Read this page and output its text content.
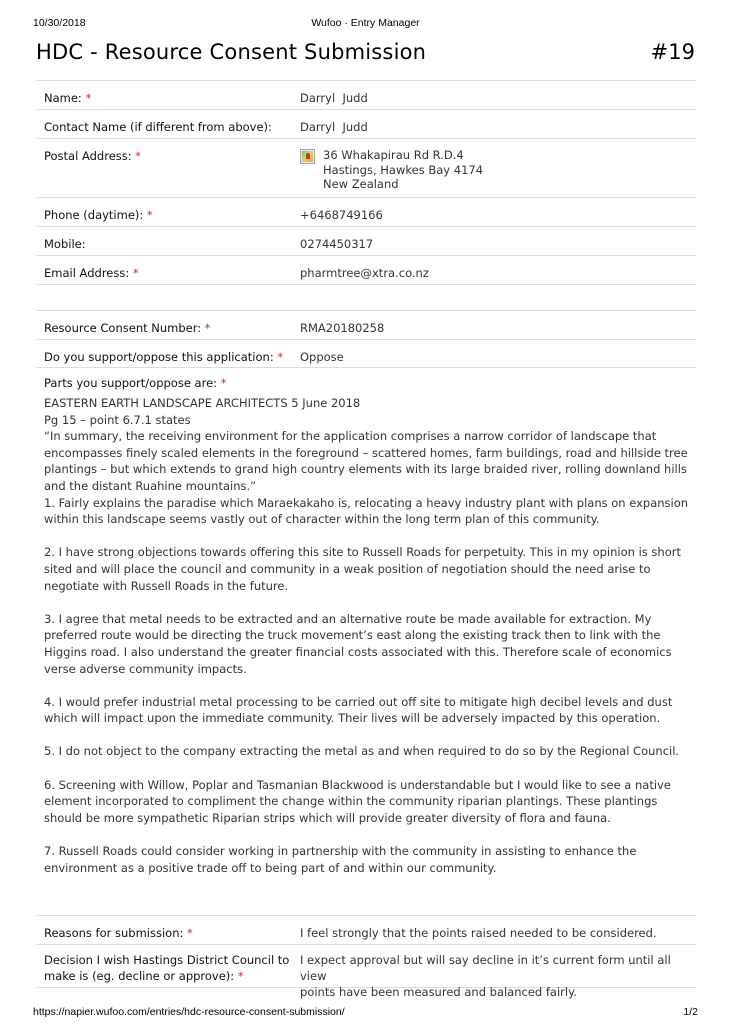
10/30/2018	Wufoo · Entry Manager
HDC - Resource Consent Submission	#19
Name: *	Darryl  Judd
Contact Name (if different from above):	Darryl  Judd
Postal Address: *	36 Whakapirau Rd R.D.4
Hastings, Hawkes Bay 4174
New Zealand
Phone (daytime): *	+6468749166
Mobile:	0274450317
Email Address: *	pharmtree@xtra.co.nz
Resource Consent Number: *	RMA20180258
Do you support/oppose this application: *	Oppose
Parts you support/oppose are: *

EASTERN EARTH LANDSCAPE ARCHITECTS 5 June 2018

Pg 15 – point 6.7.1 states

“In summary, the receiving environment for the application comprises a narrow corridor of landscape that encompasses finely scaled elements in the foreground – scattered homes, farm buildings, road and hillside tree plantings – but which extends to grand high country elements with its large braided river, rolling downland hills and the distant Ruahine mountains.”

1. Fairly explains the paradise which Maraekakaho is, relocating a heavy industry plant with plans on expansion within this landscape seems vastly out of character within the long term plan of this community.

2. I have strong objections towards offering this site to Russell Roads for perpetuity. This in my opinion is short sited and will place the council and community in a weak position of negotiation should the need arise to negotiate with Russell Roads in the future.

3. I agree that metal needs to be extracted and an alternative route be made available for extraction. My preferred route would be directing the truck movement’s east along the existing track then to link with the Higgins road. I also understand the greater financial costs associated with this. Therefore scale of economics verse adverse community impacts.

4. I would prefer industrial metal processing to be carried out off site to mitigate high decibel levels and dust which will impact upon the immediate community. Their lives will be adversely impacted by this operation.

5. I do not object to the company extracting the metal as and when required to do so by the Regional Council.

6. Screening with Willow, Poplar and Tasmanian Blackwood is understandable but I would like to see a native element incorporated to compliment the change within the community riparian plantings. These plantings should be more sympathetic Riparian strips which will provide greater diversity of flora and fauna.

7. Russell Roads could consider working in partnership with the community in assisting to enhance the environment as a positive trade off to being part of and within our community.

Reasons for submission: *	I feel strongly that the points raised needed to be considered.
Decision I wish Hastings District Council to
make is (eg. decline or approve): *
I expect approval but will say decline in it’s current form until all view
points have been measured and balanced fairly.
https://napier.wufoo.com/entries/hdc-resource-consent-submission/	1/2
